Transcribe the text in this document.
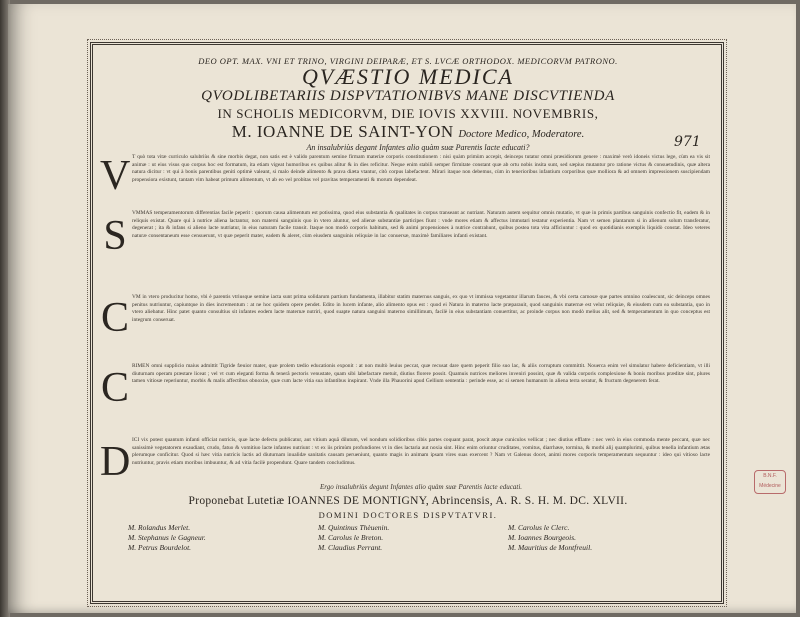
DEO OPT. MAX. VNI ET TRINO, VIRGINI DEIPARÆ, ET S. LVCÆ ORTHODOX. MEDICORVM PATRONO.
QVÆSTIO MEDICA
QVODLIBETARIIS DISPVTATIONIBVS MANE DISCVTIENDA
IN SCHOLIS MEDICORVM, DIE IOVIS XXVIII. NOVEMBRIS,
M. IOANNE DE SAINT-YON Doctore Medico, Moderatore.
An insalubriùs degant Infantes alio quàm suæ Parentis lacte educati?	971
V T quò tota vitæ curriculo salubriùs & sine morbis degat, non satis est è valido parentum semine firmam materiæ corporis constitutionem : nisi quàm primùm accepit, deinceps tutatur omni præsidiorum genere : maximè verò idoneis victus lege, cùm ea vis sit animæ : ut eius visus quo corpus hoc est formatum, ita etiam vigeat humoribus ex quibus alitur & in dies reficitur. Neque enim stabili semper firmitate constant quæ ab ortu nobis insita sunt, sed sæpius mutantur pro ratione victus & consuetudinis, quæ altera natura dicitur : vt qui à bonis parentibus geniti optimè valeant, si malo deinde alimento & prava diæta vtantur, citò corpus labefactent. Mirari itaque non debemus, cùm in tenerioribus infantium corporibus quæ molliora & ad omnem impressionem suscipiendam propensiora existunt, tantam vim habeat primum alimentum, vt ab eo vel probitas vel pravitas temperamenti & morum dependeat.
S VMMAS temperamentorum differentias facile peperit : quorum causa alimentum est potissima, quod eius substantia & qualitates in corpus transeant ac nutriant. Naturam autem sequitur omnis mutatio, vt quæ in primis partibus sanguinis confectio fit, eadem & in reliquis existat. Quare qui à nutrice aliena lactantur, non materni sanguinis quo in vtero aluntur, sed alienæ substantiæ participes fiunt : vnde mores etiam & affectus immutari testatur experientia. Nam vt semen plantarum si in alienum solum transferatur, degenerat ; ita & infans si alieno lacte nutriatur, in eius naturam facile transit. Itaque non modò corporis habitum, sed & animi propensiones à nutrice contrahunt, quibus postea tota vita afficiuntur : quod ex quotidianis exemplis liquidò constat. Ideo veteres naturæ consentaneum esse censuerunt, vt quæ peperit mater, eadem & aleret, cùm eiusdem sanguinis reliquiæ in lac conuersæ, maximè familiares infanti existant.
C VM in vtero producitur homo, vbi è parentis vtriusque semine iacta sunt prima solidarum partium fundamenta, illabitur statim maternus sanguis, ex quo vt immissa vegetantur illarum fauces, & vbi certa carnosæ que partes omnino coalescunt, sic deinceps omnes penitus nutriuntur, capiuntque in dies incrementum : at ne hoc quidem opere pendet. Edito in lucem infante, alio alimento opus est : quod ei Natura in materno lacte præparauit, quod sanguinis maternæ est velut reliquiæ, & eiusdem cum ea substantia, quo in vtero aliebatur. Hinc patet quanto consultius sit infantes eodem lacte maternæ nutriri, quod suapte natura sanguini materno simillimum, facilè in eius substantiam conuertitur, ac proinde corpus non modò melius alit, sed & temperamentum in quo conceptus est integrum conseruat.
C RIMEN omni supplicio maius admittit Tigride fæuior mater, quæ prolem tædio educationis exponit : at non multò leuius peccat, quæ recusat dare quem peperit filio suo lac, & aliis corruptum committit. Nouerca enim vel simulatur habere deficientiam, vt illi diuturnam operam præstare liceat ; vel vt cum eleganti forma & tenerâ pectoris venustate, quam sibi labefactare metuit, diutius florere possit. Quamuis nutrices meliores inveniri possint, quæ & valida corporis complexione & bonis moribus præditæ sint, plures tamen vitiosæ reperiuntur, morbis & malis affectibus obnoxiæ, quæ cum lacte vitia sua infantibus inspirant. Vnde illa Phauorini apud Gellium sententia : perinde esse, ac si semen humanum in aliena terra seratur, & fructum degenerem ferat.
D ICI vix potest quantum infanti officiat nutricis, quæ lacte defectu publicatur, aut vitium aquâ dilutum, vel nondum solidioribus cibis partes coquant parat, poscit atque cuniculos vellicat ; nec diutius efflatre : nec verò in eius commoda mente peccant, quæ nec sanissimè vegetatorem exaudiant, crudo, fatuo & vomitiuo lacte infantes nutriunt : vt ex iis primùm profundiores vt in dies lactaria aut noxia sint. Hinc enim oriuntur cruditates, vomitus, diarrhææ, tormina, & morbi alij quamplurimi, quibus tenella infantium ætas plerumque conficitur. Quod si hæc vitia nutricis lactis ad diuturnam inualidæ sanitatis causam perueniunt, quanto magis in animam ipsam vires suas exercent ? Nam vt Galenus docet, animi mores corporis temperamentum sequuntur : ideo qui vitioso lacte nutriuntur, pravis etiam moribus imbuuntur, & ad vitia facilè propendunt. Quare tandem concludimus.
Ergo insalubriùs degunt Infantes alio quàm suæ Parentis lacte educati.
Proponebat Lutetiæ IOANNES DE MONTIGNY, Abrincensis, A. R. S. H. M. DC. XLVII.
DOMINI DOCTORES DISPVTATVRI.
M. Rolandus Merlet.	M. Quintinus Thèuenin.	M. Carolus le Clerc.
M. Stephanus le Gagneur.	M. Carolus le Breton.	M. Ioannes Bourgeois.
M. Petrus Bourdelot.	M. Claudius Perrant.	M. Mauritius de Montfreuil.
B.N.F. Médecine
